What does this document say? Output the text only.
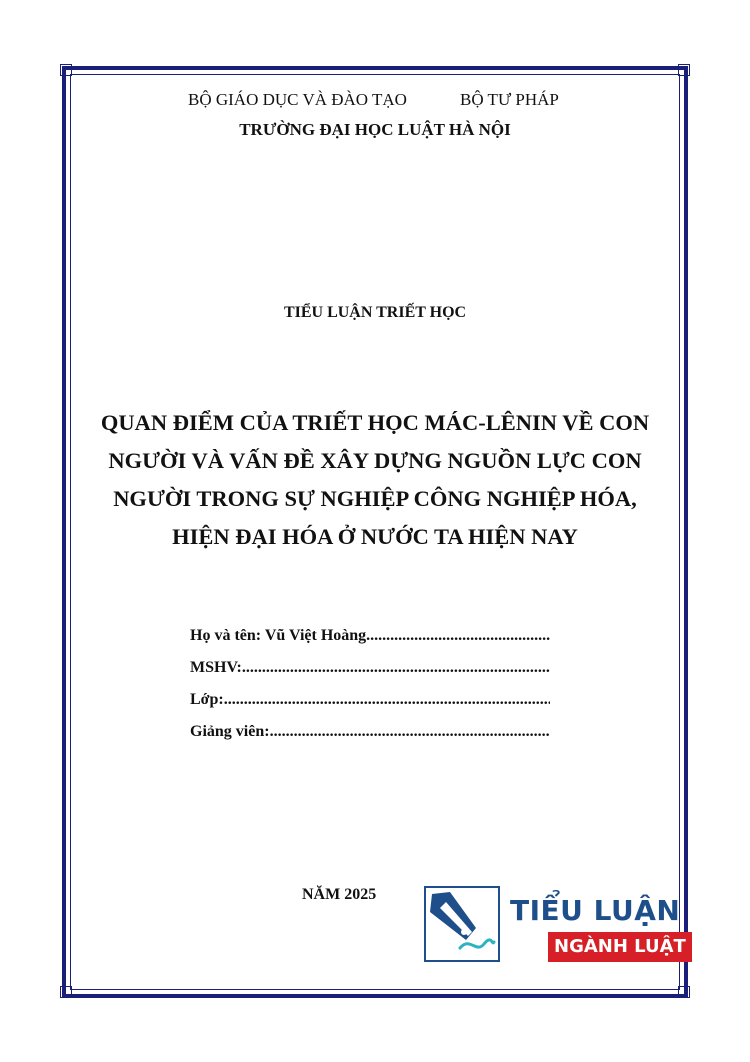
BỘ GIÁO DỤC VÀ ĐÀO TẠO	BỘ TƯ PHÁP
TRƯỜNG ĐẠI HỌC LUẬT HÀ NỘI
TIỂU LUẬN TRIẾT HỌC
QUAN ĐIỂM CỦA TRIẾT HỌC MÁC-LÊNIN VỀ CON
NGƯỜI VÀ VẤN ĐỀ XÂY DỰNG NGUỒN LỰC CON
NGƯỜI TRONG SỰ NGHIỆP CÔNG NGHIỆP HÓA,
HIỆN ĐẠI HÓA Ở NƯỚC TA HIỆN NAY
Họ và tên: Vũ Việt Hoàng
.....
MSHV:
.....
Lớp:
.....
Giảng viên:
.....
NĂM 2025	TIỂU LUẬN
NGÀNH LUẬT
